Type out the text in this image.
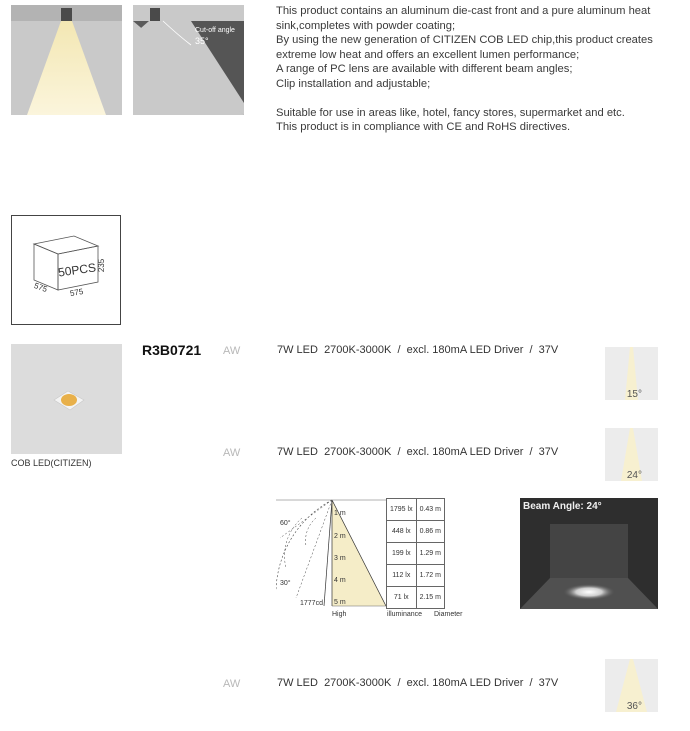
Cut-off angle
35°

This product contains an aluminum die-cast front and a pure aluminum heat sink,completes with powder coating;

By using the new generation of CITIZEN COB LED chip,this product creates extreme low heat and offers an excellent lumen performance;

A range of PC lens are available with different beam angles;

Clip installation and adjustable;

Suitable for use in areas like, hotel, fancy stores, supermarket and etc.

This product is in compliance with CE and RoHS directives.

50PCS 235
575	575
COB LED(CITIZEN)
R3B0721 AW	7W LED  2700K-3000K  /  excl. 180mA LED Driver  /  37V
15°
AW	7W LED  2700K-3000K  /  excl. 180mA LED Driver  /  37V
24°
60°
30°
1777cd
1 m
2 m
3 m
4 m
5 m
1795 lx	0.43 m
448 lx	0.86 m
199 lx	1.29 m
112 lx	1.72 m
71 lx	2.15 m
High	illuminance Diameter
Beam Angle: 24°
AW	7W LED  2700K-3000K  /  excl. 180mA LED Driver  /  37V
36°
